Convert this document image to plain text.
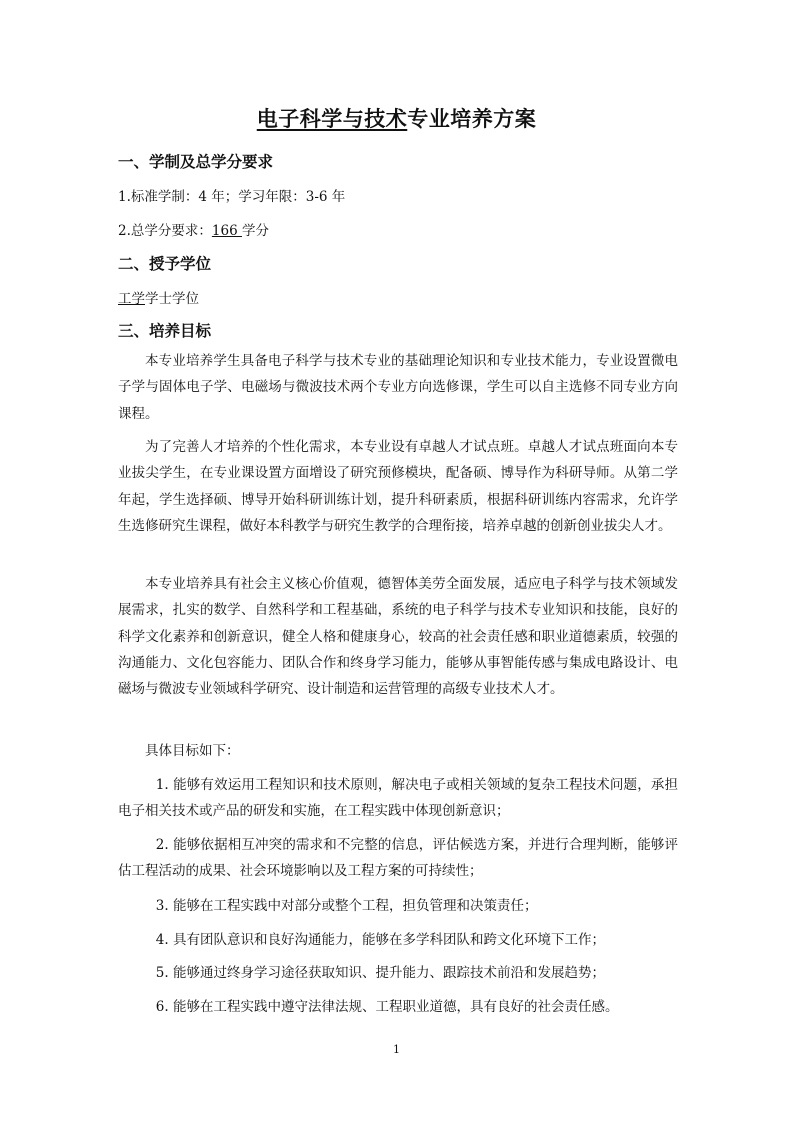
电子科学与技术专业培养方案
一、学制及总学分要求
1.标准学制：4 年；学习年限：3-6 年
2.总学分要求：166 学分
二、授予学位
工学学士学位
三、培养目标
本专业培养学生具备电子科学与技术专业的基础理论知识和专业技术能力，专业设置微电子学与固体电子学、电磁场与微波技术两个专业方向选修课，学生可以自主选修不同专业方向课程。
为了完善人才培养的个性化需求，本专业设有卓越人才试点班。卓越人才试点班面向本专业拔尖学生，在专业课设置方面增设了研究预修模块，配备硕、博导作为科研导师。从第二学年起，学生选择硕、博导开始科研训练计划，提升科研素质，根据科研训练内容需求，允许学生选修研究生课程，做好本科教学与研究生教学的合理衔接，培养卓越的创新创业拔尖人才。
本专业培养具有社会主义核心价值观，德智体美劳全面发展，适应电子科学与技术领域发展需求，扎实的数学、自然科学和工程基础，系统的电子科学与技术专业知识和技能，良好的科学文化素养和创新意识，健全人格和健康身心，较高的社会责任感和职业道德素质，较强的沟通能力、文化包容能力、团队合作和终身学习能力，能够从事智能传感与集成电路设计、电磁场与微波专业领域科学研究、设计制造和运营管理的高级专业技术人才。
具体目标如下：
1. 能够有效运用工程知识和技术原则，解决电子或相关领域的复杂工程技术问题，承担电子相关技术或产品的研发和实施，在工程实践中体现创新意识；
2. 能够依据相互冲突的需求和不完整的信息，评估候选方案，并进行合理判断，能够评估工程活动的成果、社会环境影响以及工程方案的可持续性；
3. 能够在工程实践中对部分或整个工程，担负管理和决策责任；
4. 具有团队意识和良好沟通能力，能够在多学科团队和跨文化环境下工作；
5. 能够通过终身学习途径获取知识、提升能力、跟踪技术前沿和发展趋势；
6. 能够在工程实践中遵守法律法规、工程职业道德，具有良好的社会责任感。
1
